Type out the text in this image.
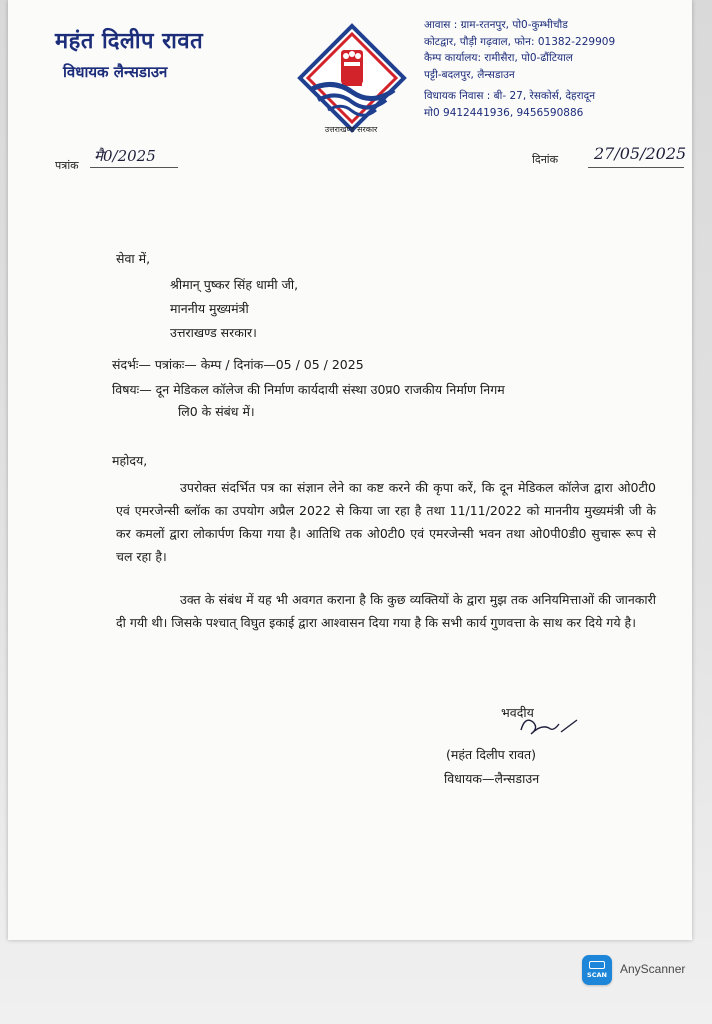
महंत दिलीप रावत
विधायक लैन्सडाउन
उत्तराखण्ड सरकार
आवास : ग्राम-रतनपुर, पो0-कुम्भीचौड
कोटद्वार, पौड़ी गढ़वाल, फोन: 01382-229909
कैम्प कार्यालय: रामीसैरा, पो0-ढौंटियाल
पट्टी-बदलपुर, लैन्सडाउन
विधायक निवास : बी- 27, रेसकोर्स, देहरादून
मो0 9412441936, 9456590886
पत्रांक
मै0/2025	दिनांक 27/05/2025
सेवा में,
श्रीमान् पुष्कर सिंह धामी जी,
माननीय मुख्यमंत्री
उत्तराखण्ड सरकार।
संदर्भः— पत्रांकः— केम्प / दिनांक—05 / 05 / 2025
विषयः— दून मेडिकल कॉलेज की निर्माण कार्यदायी संस्था उ0प्र0 राजकीय निर्माण निगम
लि0 के संबंध में।
महोदय,
उपरोक्त संदर्भित पत्र का संज्ञान लेने का कष्ट करने की कृपा करें, कि दून मेडिकल कॉलेज द्वारा ओ0टी0 एवं एमरजेन्सी ब्लॉक का उपयोग अप्रैल 2022 से किया जा रहा है तथा 11/11/2022 को माननीय मुख्यमंत्री जी के कर कमलों द्वारा लोकार्पण किया गया है। आतिथि तक ओ0टी0 एवं एमरजेन्सी भवन तथा ओ0पी0डी0 सुचारू रूप से चल रहा है।
उक्त के संबंध में यह भी अवगत कराना है कि कुछ व्यक्तियों के द्वारा मुझ तक अनियमित्ताओं की जानकारी दी गयी थी। जिसके पश्चात् विघुत इकाई द्वारा आश्वासन दिया गया है कि सभी कार्य गुणवत्ता के साथ कर दिये गये है।
भवदीय
(महंत दिलीप रावत)
विधायक—लैन्सडाउन
SCAN AnyScanner
